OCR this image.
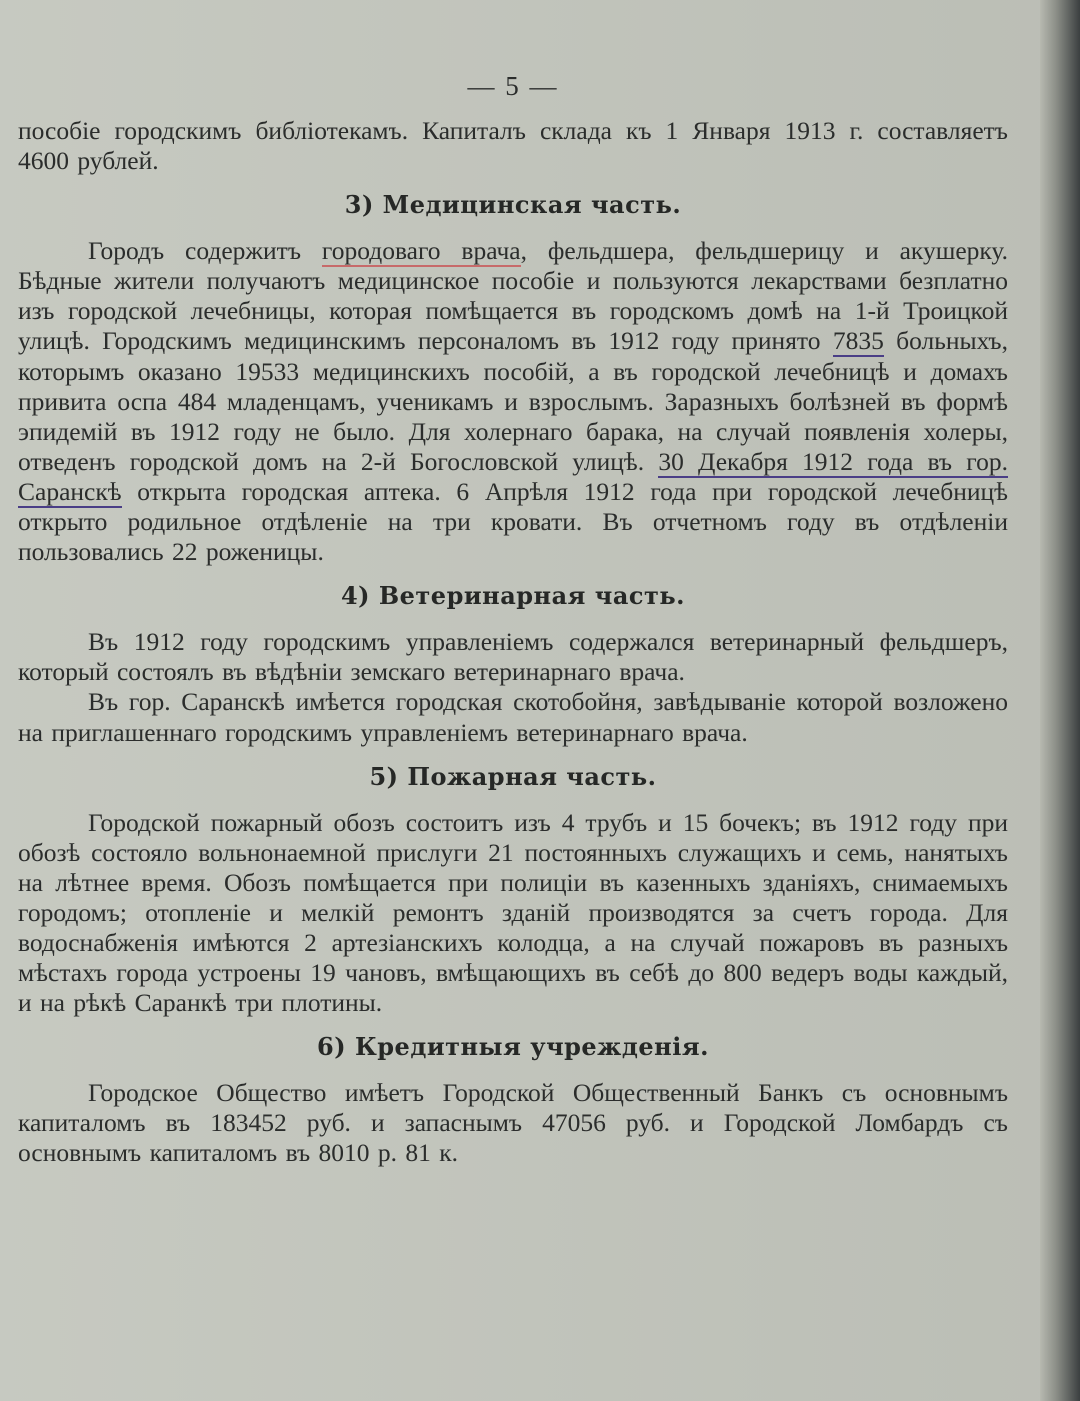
— 5 —

пособіе городскимъ библіотекамъ. Капиталъ склада къ 1 Января 1913 г. составляетъ 4600 рублей.

3) Медицинская часть.

Городъ содержитъ городоваго врача, фельдшера, фельдшерицу и акушерку. Бѣдные жители получаютъ медицинское пособіе и пользуются лекарствами безплатно изъ городской лечебницы, которая помѣщается въ городскомъ домѣ на 1-й Троицкой улицѣ. Городскимъ медицинскимъ персоналомъ въ 1912 году принято 7835 больныхъ, которымъ оказано 19533 медицинскихъ пособій, а въ городской лечебницѣ и домахъ привита оспа 484 младенцамъ, ученикамъ и взрослымъ. Заразныхъ болѣзней въ формѣ эпидемій въ 1912 году не было. Для холернаго барака, на случай появленія холеры, отведенъ городской домъ на 2-й Богословской улицѣ. 30 Декабря 1912 года въ гор. Саранскѣ открыта городская аптека. 6 Апрѣля 1912 года при городской лечебницѣ открыто родильное отдѣленіе на три кровати. Въ отчетномъ году въ отдѣленіи пользовались 22 роженицы.

4) Ветеринарная часть.

Въ 1912 году городскимъ управленіемъ содержался ветеринарный фельдшеръ, который состоялъ въ вѣдѣніи земскаго ветеринарнаго врача.

Въ гор. Саранскѣ имѣется городская скотобойня, завѣдываніе которой возложено на приглашеннаго городскимъ управленіемъ ветеринарнаго врача.

5) Пожарная часть.

Городской пожарный обозъ состоитъ изъ 4 трубъ и 15 бочекъ; въ 1912 году при обозѣ состояло вольнонаемной прислуги 21 постоянныхъ служащихъ и семь, нанятыхъ на лѣтнее время. Обозъ помѣщается при полиціи въ казенныхъ зданіяхъ, снимаемыхъ городомъ; отопленіе и мелкій ремонтъ зданій производятся за счетъ города. Для водоснабженія имѣются 2 артезіанскихъ колодца, а на случай пожаровъ въ разныхъ мѣстахъ города устроены 19 чановъ, вмѣщающихъ въ себѣ до 800 ведеръ воды каждый, и на рѣкѣ Саранкѣ три плотины.

6) Кредитныя учрежденія.

Городское Общество имѣетъ Городской Общественный Банкъ съ основнымъ капиталомъ въ 183452 руб. и запаснымъ 47056 руб. и Городской Ломбардъ съ основнымъ капиталомъ въ 8010 р. 81 к.
